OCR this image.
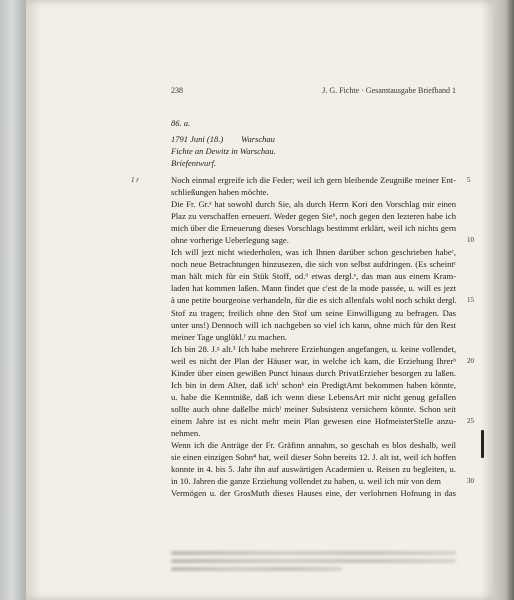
238	J. G. Fichte · Gesamtausgabe Briefband 1
86. a.
1791 Juni (18.) Warschau
Fichte an Dewitz in Warschau.
Briefentwurf.
1 r	Noch einmal ergreife ich die Feder; weil ich gern bleibende Zeugniße meiner Ent- 5
schließungen haben möchte.
Die Fr. Gr.ᵃ hat sowohl durch Sie, als durch Herrn Kori den Vorschlag mir einen
Plaz zu verschaffen erneuert. Weder gegen Sieᵇ, noch gegen den lezteren habe ich
mich über die Erneuerung dieses Vorschlags bestimmt erklärt, weil ich nichts gern
ohne vorherige Ueberlegung sage.	10
Ich will jezt nicht wiederholen, was ich Ihnen darüber schon geschrieben habeᶜ,
noch neue Betrachtungen hinzusezen, die sich von selbst aufdringen. (Es scheintᶜ
man hält mich für ein Stük Stoff, od.ᵈ etwas dergl.ᵉ, das man aus einem Kram-
laden hat kommen laßen. Mann findet que c'est de la mode passée, u. will es jezt
à une petite bourgeoise verhandeln, für die es sich allenfals wohl noch schikt dergl. 15
Stof zu tragen; freilich ohne den Stof um seine Einwilligung zu befragen. Das
unter uns!) Dennoch will ich nachgeben so viel ich kann, ohne mich für den Rest
meiner Tage unglükl.ᶠ zu machen.
Ich bin 28. J.ᵍ alt.³ Ich habe mehrere Erziehungen angefangen, u. keine vollendet,
weil es nicht der Plan der Häuser war, in welche ich kam, die Erziehung Ihrerʰ 20
Kinder über einen gewißen Punct hinaus durch PrivatErzieher besorgen zu laßen.
Ich bin in dem Alter, daß ichⁱ schonᵏ ein PredigtAmt bekommen haben könnte,
u. habe die Kenntniße, daß ich wenn diese LebensArt mir nicht genug gefallen
sollte auch ohne daßelbe michˡ meiner Subsistenz versichern könnte. Schon seit
einem Jahre ist es nicht mehr mein Plan gewesen eine HofmeisterStelle anzu- 25
nehmen.
Wenn ich die Anträge der Fr. Gräfinn annahm, so geschah es blos deshalb, weil
sie einen einzigen Sohn⁴ hat, weil dieser Sohn bereits 12. J. alt ist, weil ich hoffen
konnte in 4. bis 5. Jahr ihn auf auswärtigen Academien u. Reisen zu begleiten, u.
in 10. Jahren die ganze Erziehung vollendet zu haben, u. weil ich mir von dem	30
Vermögen u. der GrosMuth dieses Hauses eine, der verlohrnen Hofnung in das
